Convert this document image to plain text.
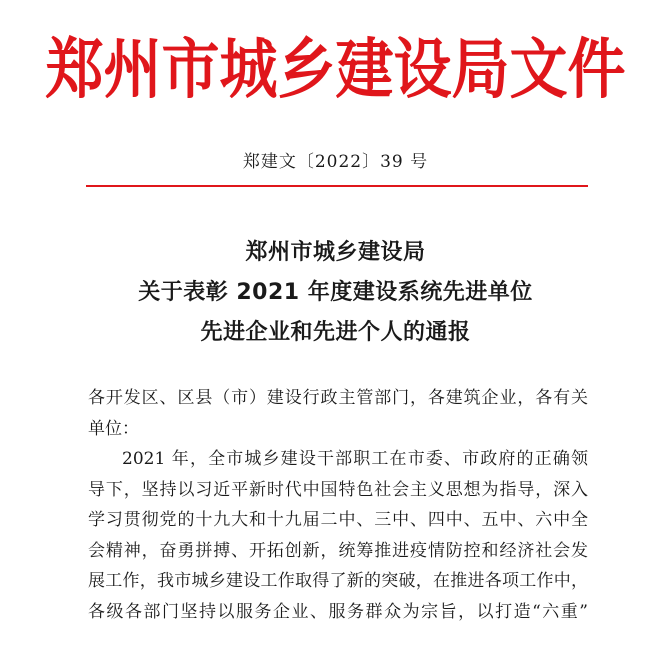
郑州市城乡建设局文件
郑建文〔2022〕39 号
郑州市城乡建设局
关于表彰 2021 年度建设系统先进单位
先进企业和先进个人的通报
各开发区、区县（市）建设行政主管部门，各建筑企业，各有关
单位：
2021 年，全市城乡建设干部职工在市委、市政府的正确领
导下，坚持以习近平新时代中国特色社会主义思想为指导，深入
学习贯彻党的十九大和十九届二中、三中、四中、五中、六中全
会精神，奋勇拼搏、开拓创新，统筹推进疫情防控和经济社会发
展工作，我市城乡建设工作取得了新的突破，在推进各项工作中，
各级各部门坚持以服务企业、服务群众为宗旨，以打造“六重”
